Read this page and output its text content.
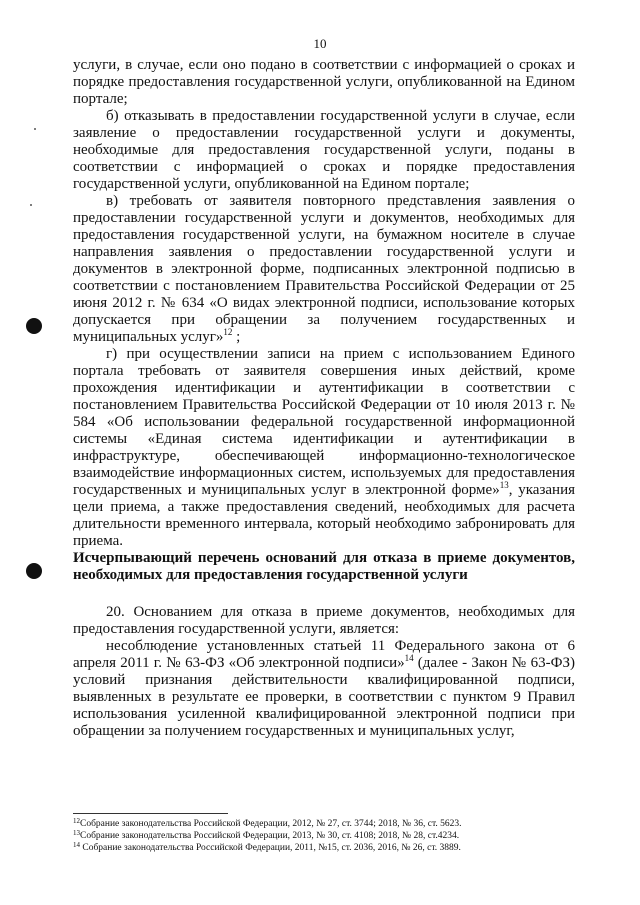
10

услуги, в случае, если оно подано в соответствии с информацией о сроках и порядке предоставления государственной услуги, опубликованной на Едином портале;

б) отказывать в предоставлении государственной услуги в случае, если заявление о предоставлении государственной услуги и документы, необходимые для предоставления государственной услуги, поданы в соответствии с информацией о сроках и порядке предоставления государственной услуги, опубликованной на Едином портале;

в) требовать от заявителя повторного представления заявления о предоставлении государственной услуги и документов, необходимых для предоставления государственной услуги, на бумажном носителе в случае направления заявления о предоставлении государственной услуги и документов в электронной форме, подписанных электронной подписью в соответствии с постановлением Правительства Российской Федерации от 25 июня 2012 г. № 634 «О видах электронной подписи, использование которых допускается при обращении за получением государственных и муниципальных услуг»$^{12}$ ;

г) при осуществлении записи на прием с использованием Единого портала требовать от заявителя совершения иных действий, кроме прохождения идентификации и аутентификации в соответствии с постановлением Правительства Российской Федерации от 10 июля 2013 г. № 584 «Об использовании федеральной государственной информационной системы «Единая система идентификации и аутентификации в инфраструктуре, обеспечивающей информационно-технологическое взаимодействие информационных систем, используемых для предоставления государственных и муниципальных услуг в электронной форме»$^{13}$, указания цели приема, а также предоставления сведений, необходимых для расчета длительности временного интервала, который необходимо забронировать для приема.

Исчерпывающий перечень оснований для отказа в приеме документов, необходимых для предоставления государственной услуги

20. Основанием для отказа в приеме документов, необходимых для предоставления государственной услуги, является:

несоблюдение установленных статьей 11 Федерального закона от 6 апреля 2011 г. № 63-ФЗ «Об электронной подписи»$^{14}$ (далее - Закон № 63-ФЗ) условий признания действительности квалифицированной подписи, выявленных в результате ее проверки, в соответствии с пунктом 9 Правил использования усиленной квалифицированной электронной подписи при обращении за получением государственных и муниципальных услуг,

$^{12}$Собрание законодательства Российской Федерации, 2012, № 27, ст. 3744; 2018, № 36, ст. 5623.

$^{13}$Собрание законодательства Российской Федерации, 2013, № 30, ст. 4108; 2018, № 28, ст.4234.

$^{14}$ Собрание законодательства Российской Федерации, 2011, №15, ст. 2036, 2016, № 26, ст. 3889.
